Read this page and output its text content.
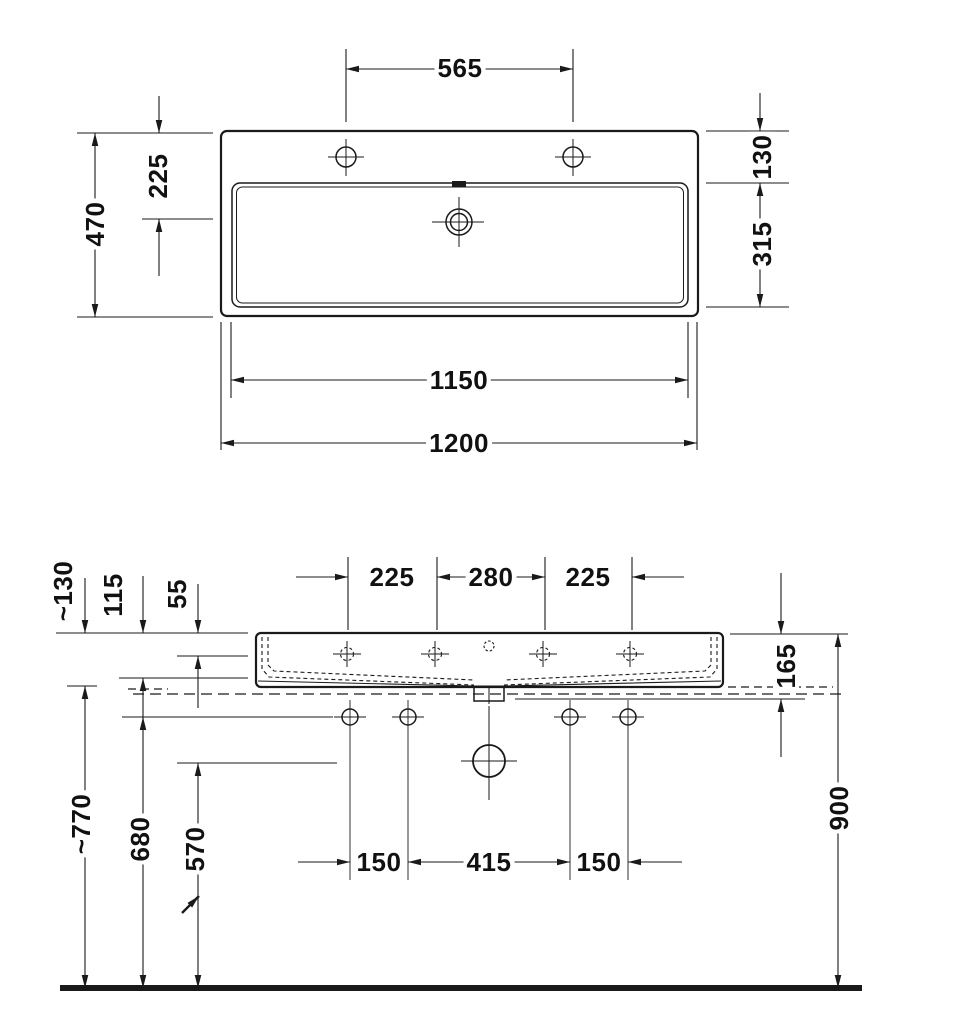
565
470
225	130
315
1150
1200
225 280 225
~130 115 55
165
900
~770 680 570	150	415	150
